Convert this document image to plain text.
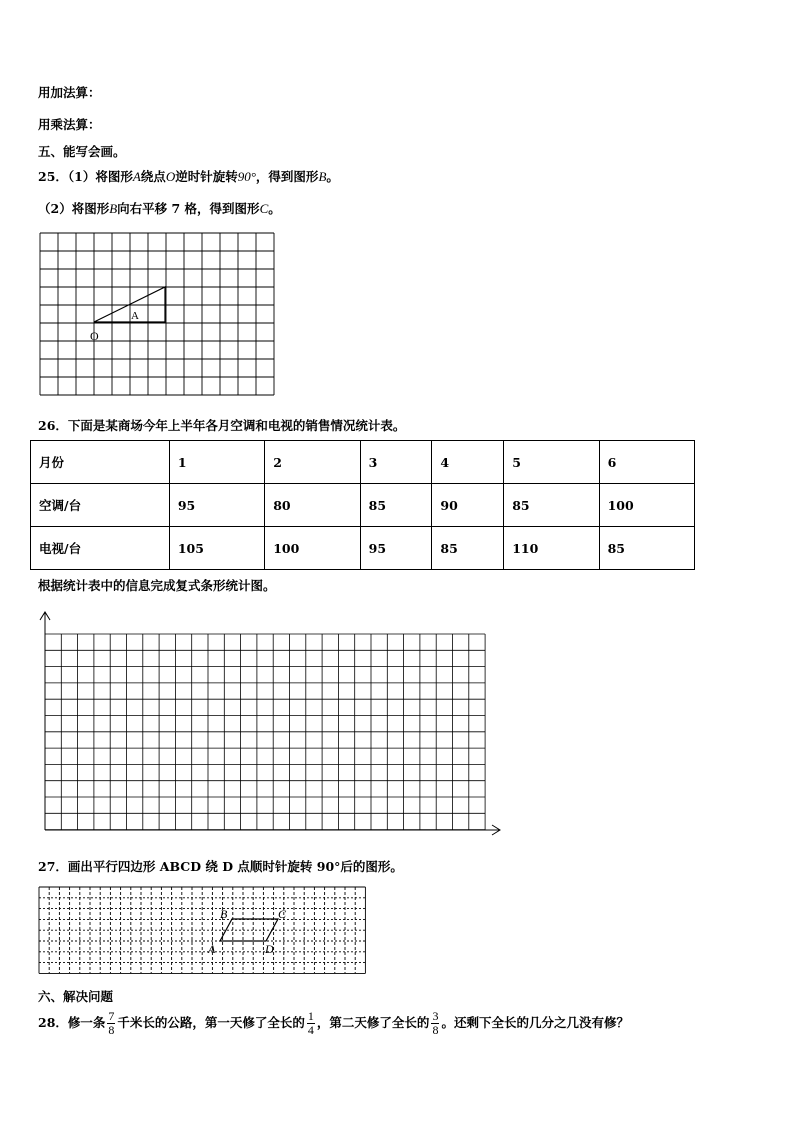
用加法算：
用乘法算：
五、能写会画。
25．（1）将图形A绕点O逆时针旋转90°，得到图形B。
（2）将图形B向右平移 7 格，得到图形C。
A
O
26．下面是某商场今年上半年各月空调和电视的销售情况统计表。
月份	1	2	3	4	5	6
空调/台	95	80	85	90	85	100
电视/台	105	100	95	85	110	85
根据统计表中的信息完成复式条形统计图。
27．画出平行四边形 ABCD 绕 D 点顺时针旋转 90°后的图形。
A
B	C
D
六、解决问题
28．修一条 $\frac{7}{8}$ 千米长的公路，第一天修了全长的 $\frac{1}{4}$ ，第二天修了全长的 $\frac{3}{8}$ 。还剩下全长的几分之几没有修？
